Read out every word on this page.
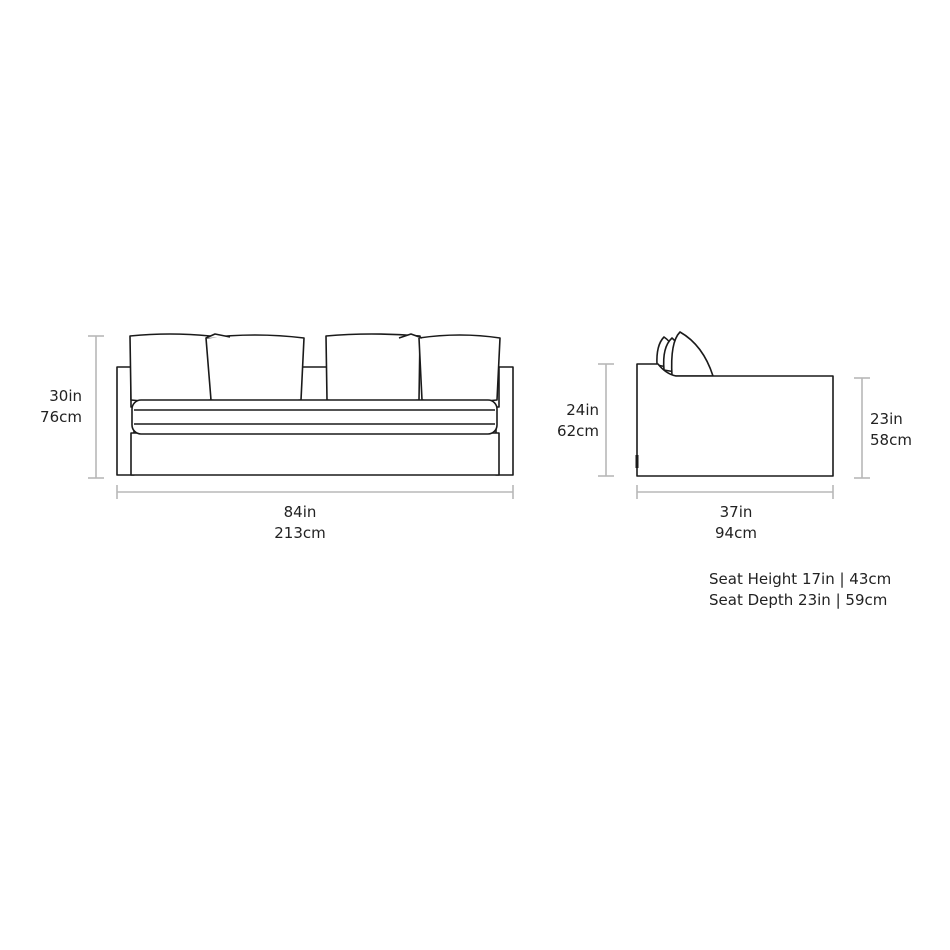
30in
76cm
84in
213cm
24in
62cm
23in
58cm
37in
94cm
Seat Height 17in | 43cm
Seat Depth 23in | 59cm
